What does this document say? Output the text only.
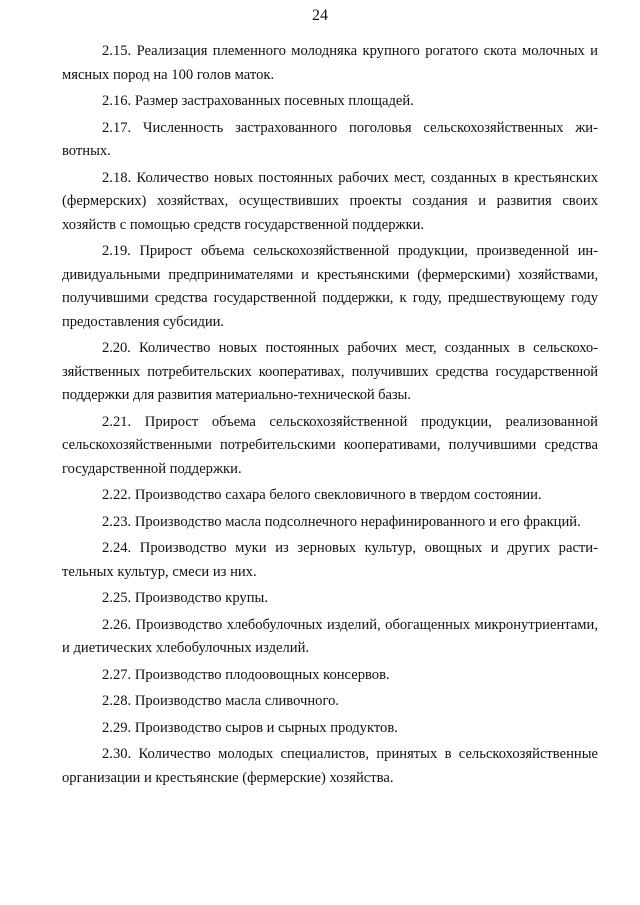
24

2.15. Реализация племенного молодняка крупного рогатого скота молочных и мясных пород на 100 голов маток.

2.16. Размер застрахованных посевных площадей.

2.17. Численность застрахованного поголовья сельскохозяйственных животных.

2.18. Количество новых постоянных рабочих мест, созданных в крестьянских (фермерских) хозяйствах, осуществивших проекты создания и развития своих хозяйств с помощью средств государственной поддержки.

2.19. Прирост объема сельскохозяйственной продукции, произведенной индивидуальными предпринимателями и крестьянскими (фермерскими) хозяйствами, получившими средства государственной поддержки, к году, предшествующему году предоставления субсидии.

2.20. Количество новых постоянных рабочих мест, созданных в сельскохозяйственных потребительских кооперативах, получивших средства государственной поддержки для развития материально-технической базы.

2.21. Прирост объема сельскохозяйственной продукции, реализованной сельскохозяйственными потребительскими кооперативами, получившими средства государственной поддержки.

2.22. Производство сахара белого свекловичного в твердом состоянии.

2.23. Производство масла подсолнечного нерафинированного и его фракций.

2.24. Производство муки из зерновых культур, овощных и других растительных культур, смеси из них.

2.25. Производство крупы.

2.26. Производство хлебобулочных изделий, обогащенных микронутриентами, и диетических хлебобулочных изделий.

2.27. Производство плодоовощных консервов.

2.28. Производство масла сливочного.

2.29. Производство сыров и сырных продуктов.

2.30. Количество молодых специалистов, принятых в сельскохозяйственные организации и крестьянские (фермерские) хозяйства.
